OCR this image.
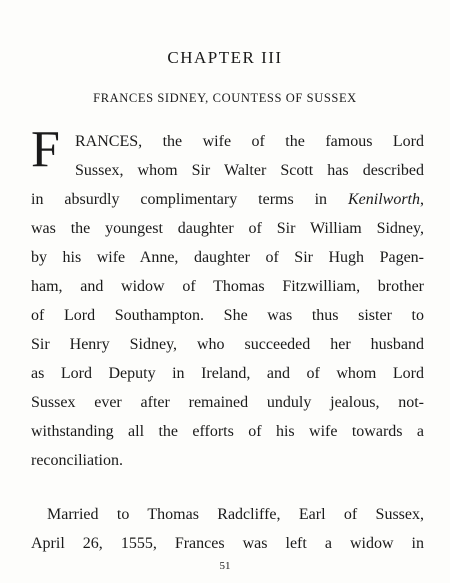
CHAPTER III
FRANCES SIDNEY, COUNTESS OF SUSSEX
F RANCES, the wife of the famous Lord
Sussex, whom Sir Walter Scott has described
in absurdly complimentary terms in Kenilworth,
was the youngest daughter of Sir William Sidney,
by his wife Anne, daughter of Sir Hugh Pagen-
ham, and widow of Thomas Fitzwilliam, brother
of Lord Southampton. She was thus sister to
Sir Henry Sidney, who succeeded her husband
as Lord Deputy in Ireland, and of whom Lord
Sussex ever after remained unduly jealous, not-
withstanding all the efforts of his wife towards a
reconciliation.
Married to Thomas Radcliffe, Earl of Sussex,
April 26, 1555, Frances was left a widow in
51
